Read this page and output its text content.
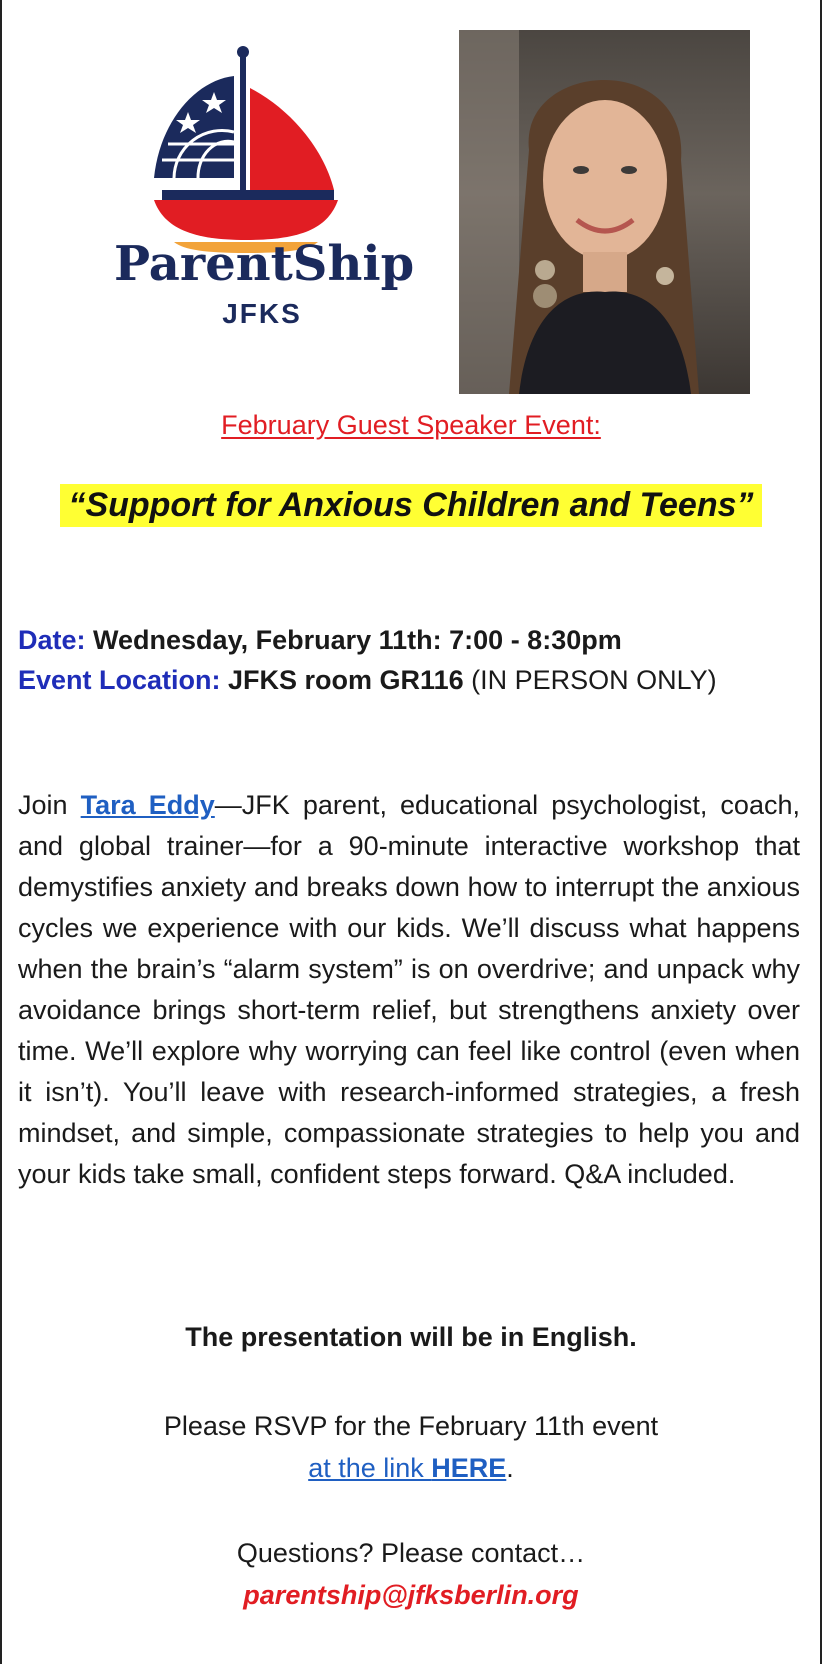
ParentShip
JFKS
February Guest Speaker Event:
“Support for Anxious Children and Teens”
Date: Wednesday, February 11th: 7:00 - 8:30pm
Event Location: JFKS room GR116 (IN PERSON ONLY)

Join Tara Eddy—JFK parent, educational psychologist, coach, and global trainer—for a 90-minute interactive workshop that demystifies anxiety and breaks down how to interrupt the anxious cycles we experience with our kids. We’ll discuss what happens when the brain’s “alarm system” is on overdrive; and unpack why avoidance brings short-term relief, but strengthens anxiety over time. We’ll explore why worrying can feel like control (even when it isn’t). You’ll leave with research-informed strategies, a fresh mindset, and simple, compassionate strategies to help you and your kids take small, confident steps forward. Q&A included.

The presentation will be in English.
Please RSVP for the February 11th event
at the link HERE.
Questions? Please contact…
parentship@jfksberlin.org
